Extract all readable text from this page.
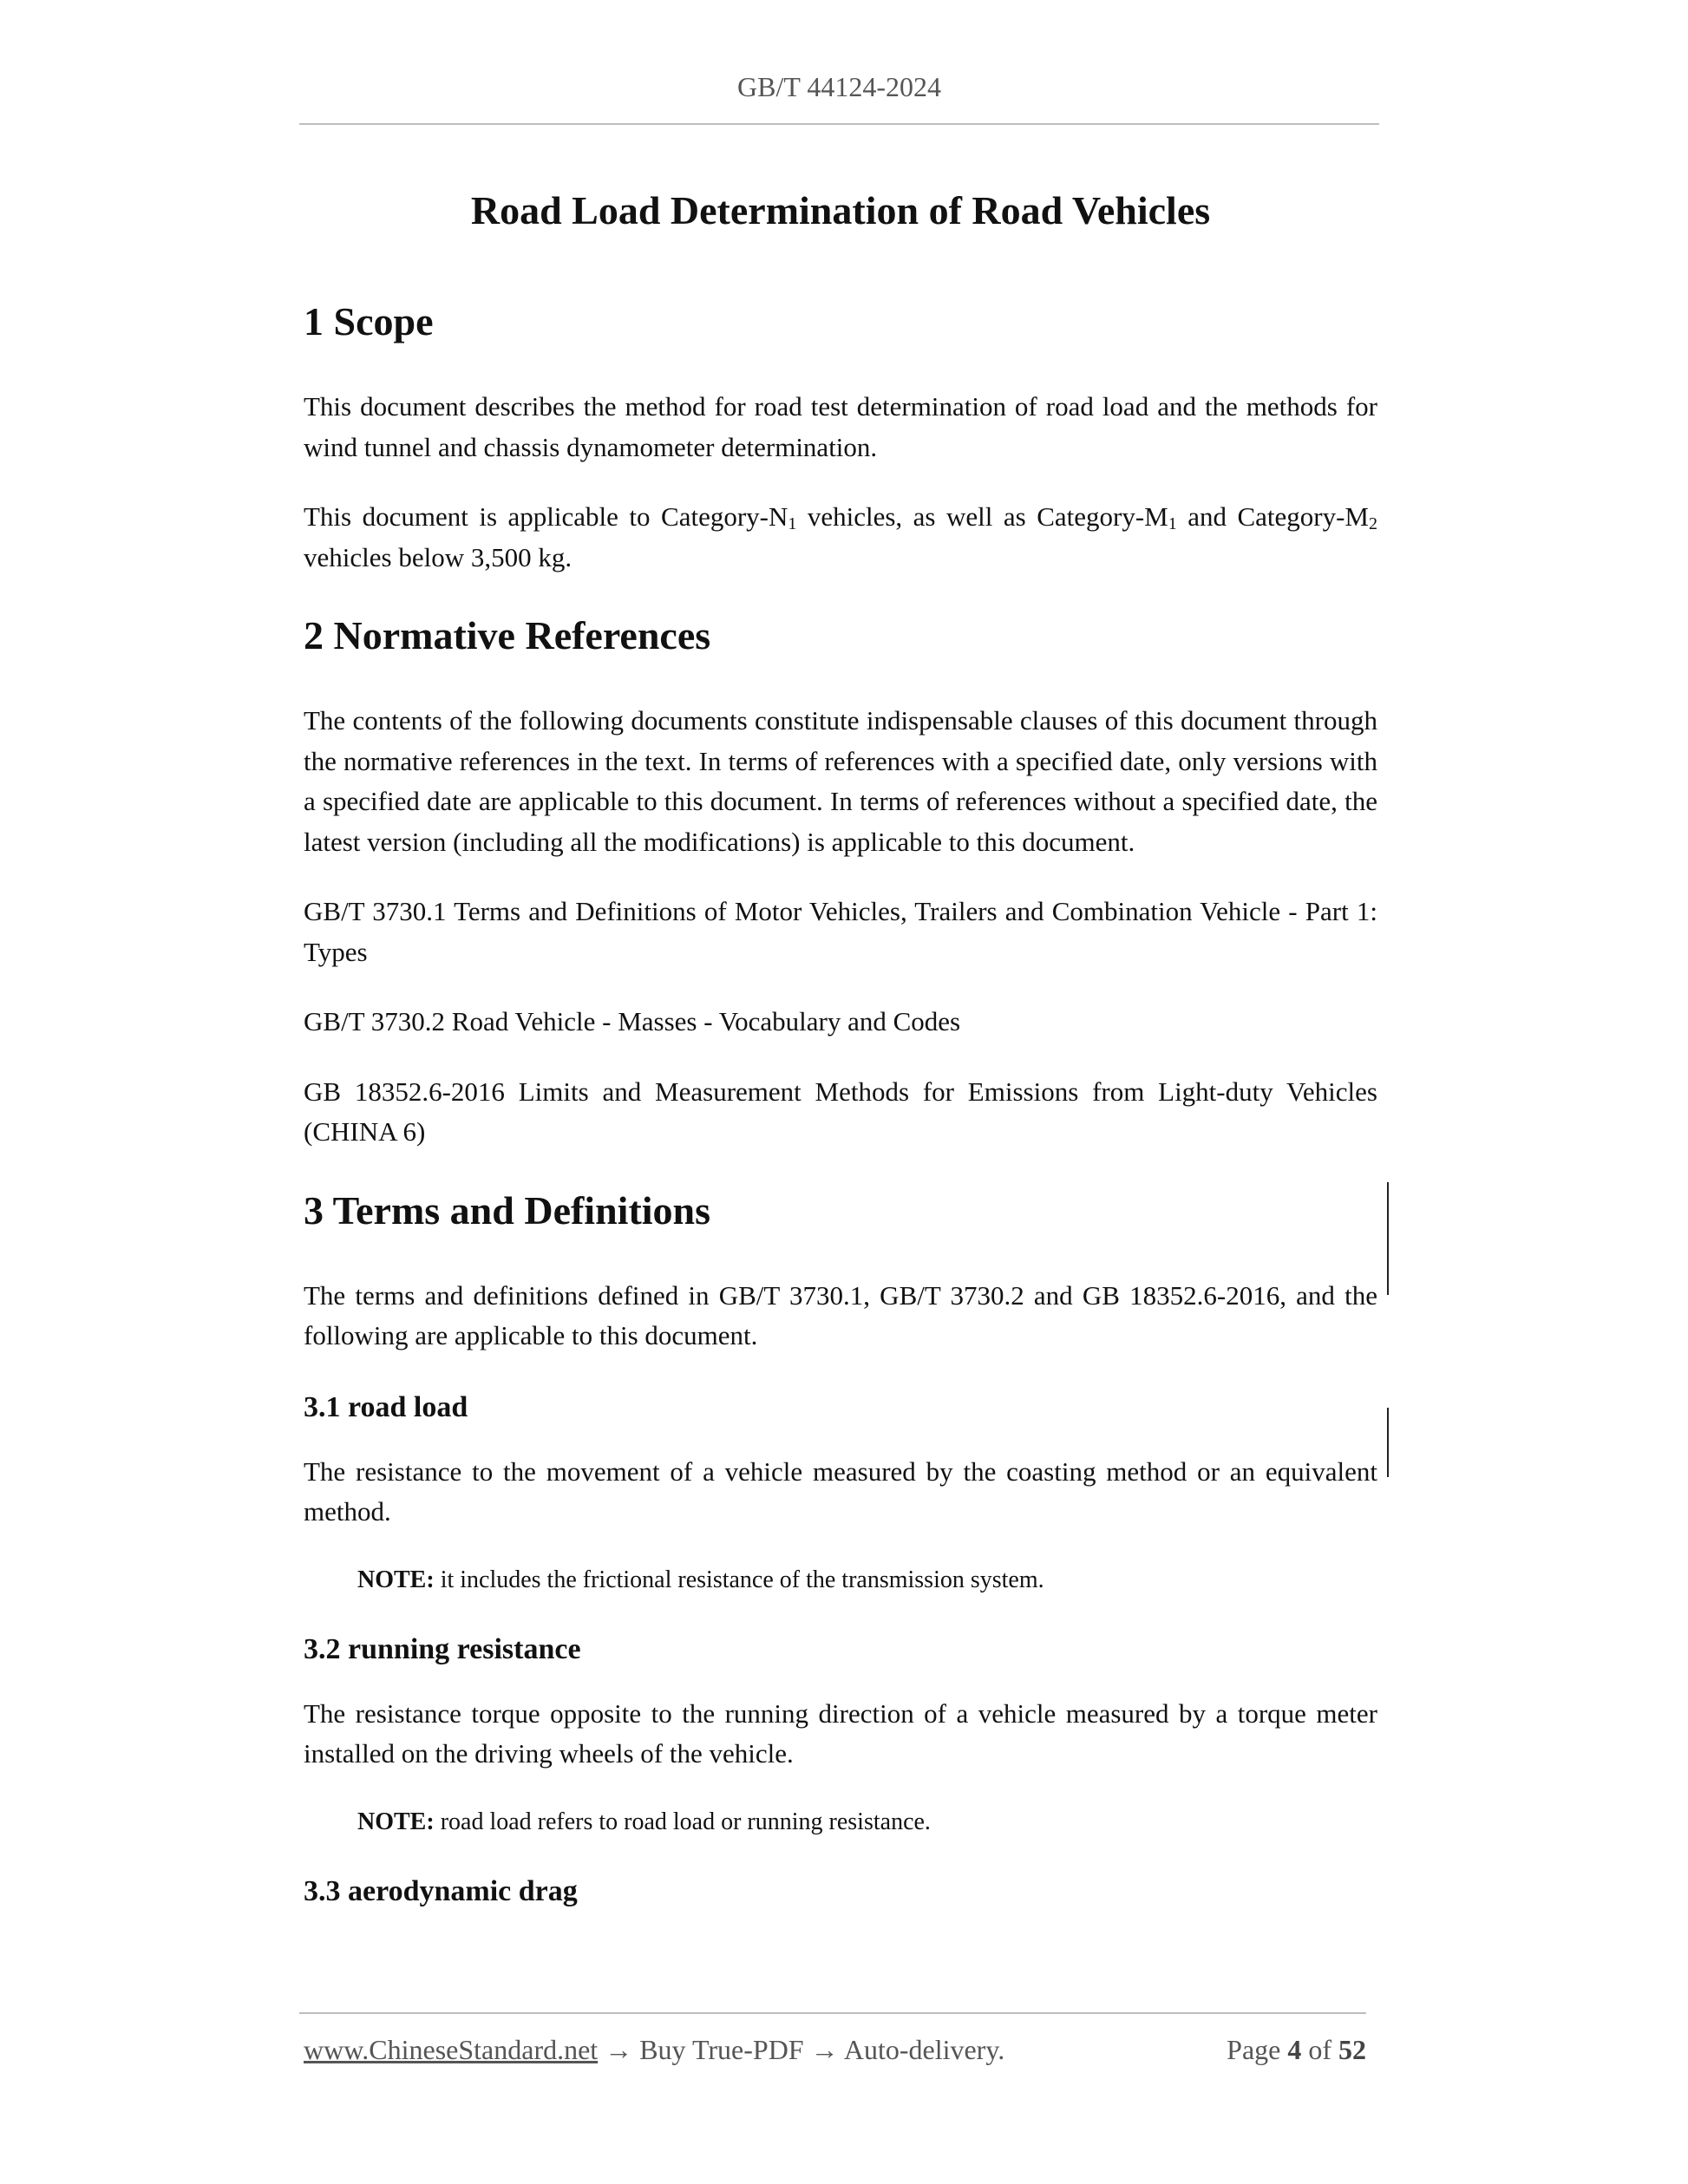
GB/T 44124-2024
Road Load Determination of Road Vehicles
1 Scope

This document describes the method for road test determination of road load and the methods for wind tunnel and chassis dynamometer determination.

This document is applicable to Category-$N_1$ vehicles, as well as Category-$M_1$ and Category-$M_2$ vehicles below 3,500 kg.

2 Normative References

The contents of the following documents constitute indispensable clauses of this document through the normative references in the text. In terms of references with a specified date, only versions with a specified date are applicable to this document. In terms of references without a specified date, the latest version (including all the modifications) is applicable to this document.

GB/T 3730.1 Terms and Definitions of Motor Vehicles, Trailers and Combination Vehicle - Part 1: Types

GB/T 3730.2 Road Vehicle - Masses - Vocabulary and Codes

GB 18352.6-2016 Limits and Measurement Methods for Emissions from Light-duty Vehicles (CHINA 6)

3 Terms and Definitions

The terms and definitions defined in GB/T 3730.1, GB/T 3730.2 and GB 18352.6-2016, and the following are applicable to this document.

3.1 road load

The resistance to the movement of a vehicle measured by the coasting method or an equivalent method.

NOTE: it includes the frictional resistance of the transmission system.

3.2 running resistance

The resistance torque opposite to the running direction of a vehicle measured by a torque meter installed on the driving wheels of the vehicle.

NOTE: road load refers to road load or running resistance.

3.3 aerodynamic drag
www.ChineseStandard.net → Buy True-PDF → Auto-delivery.	Page 4 of 52
